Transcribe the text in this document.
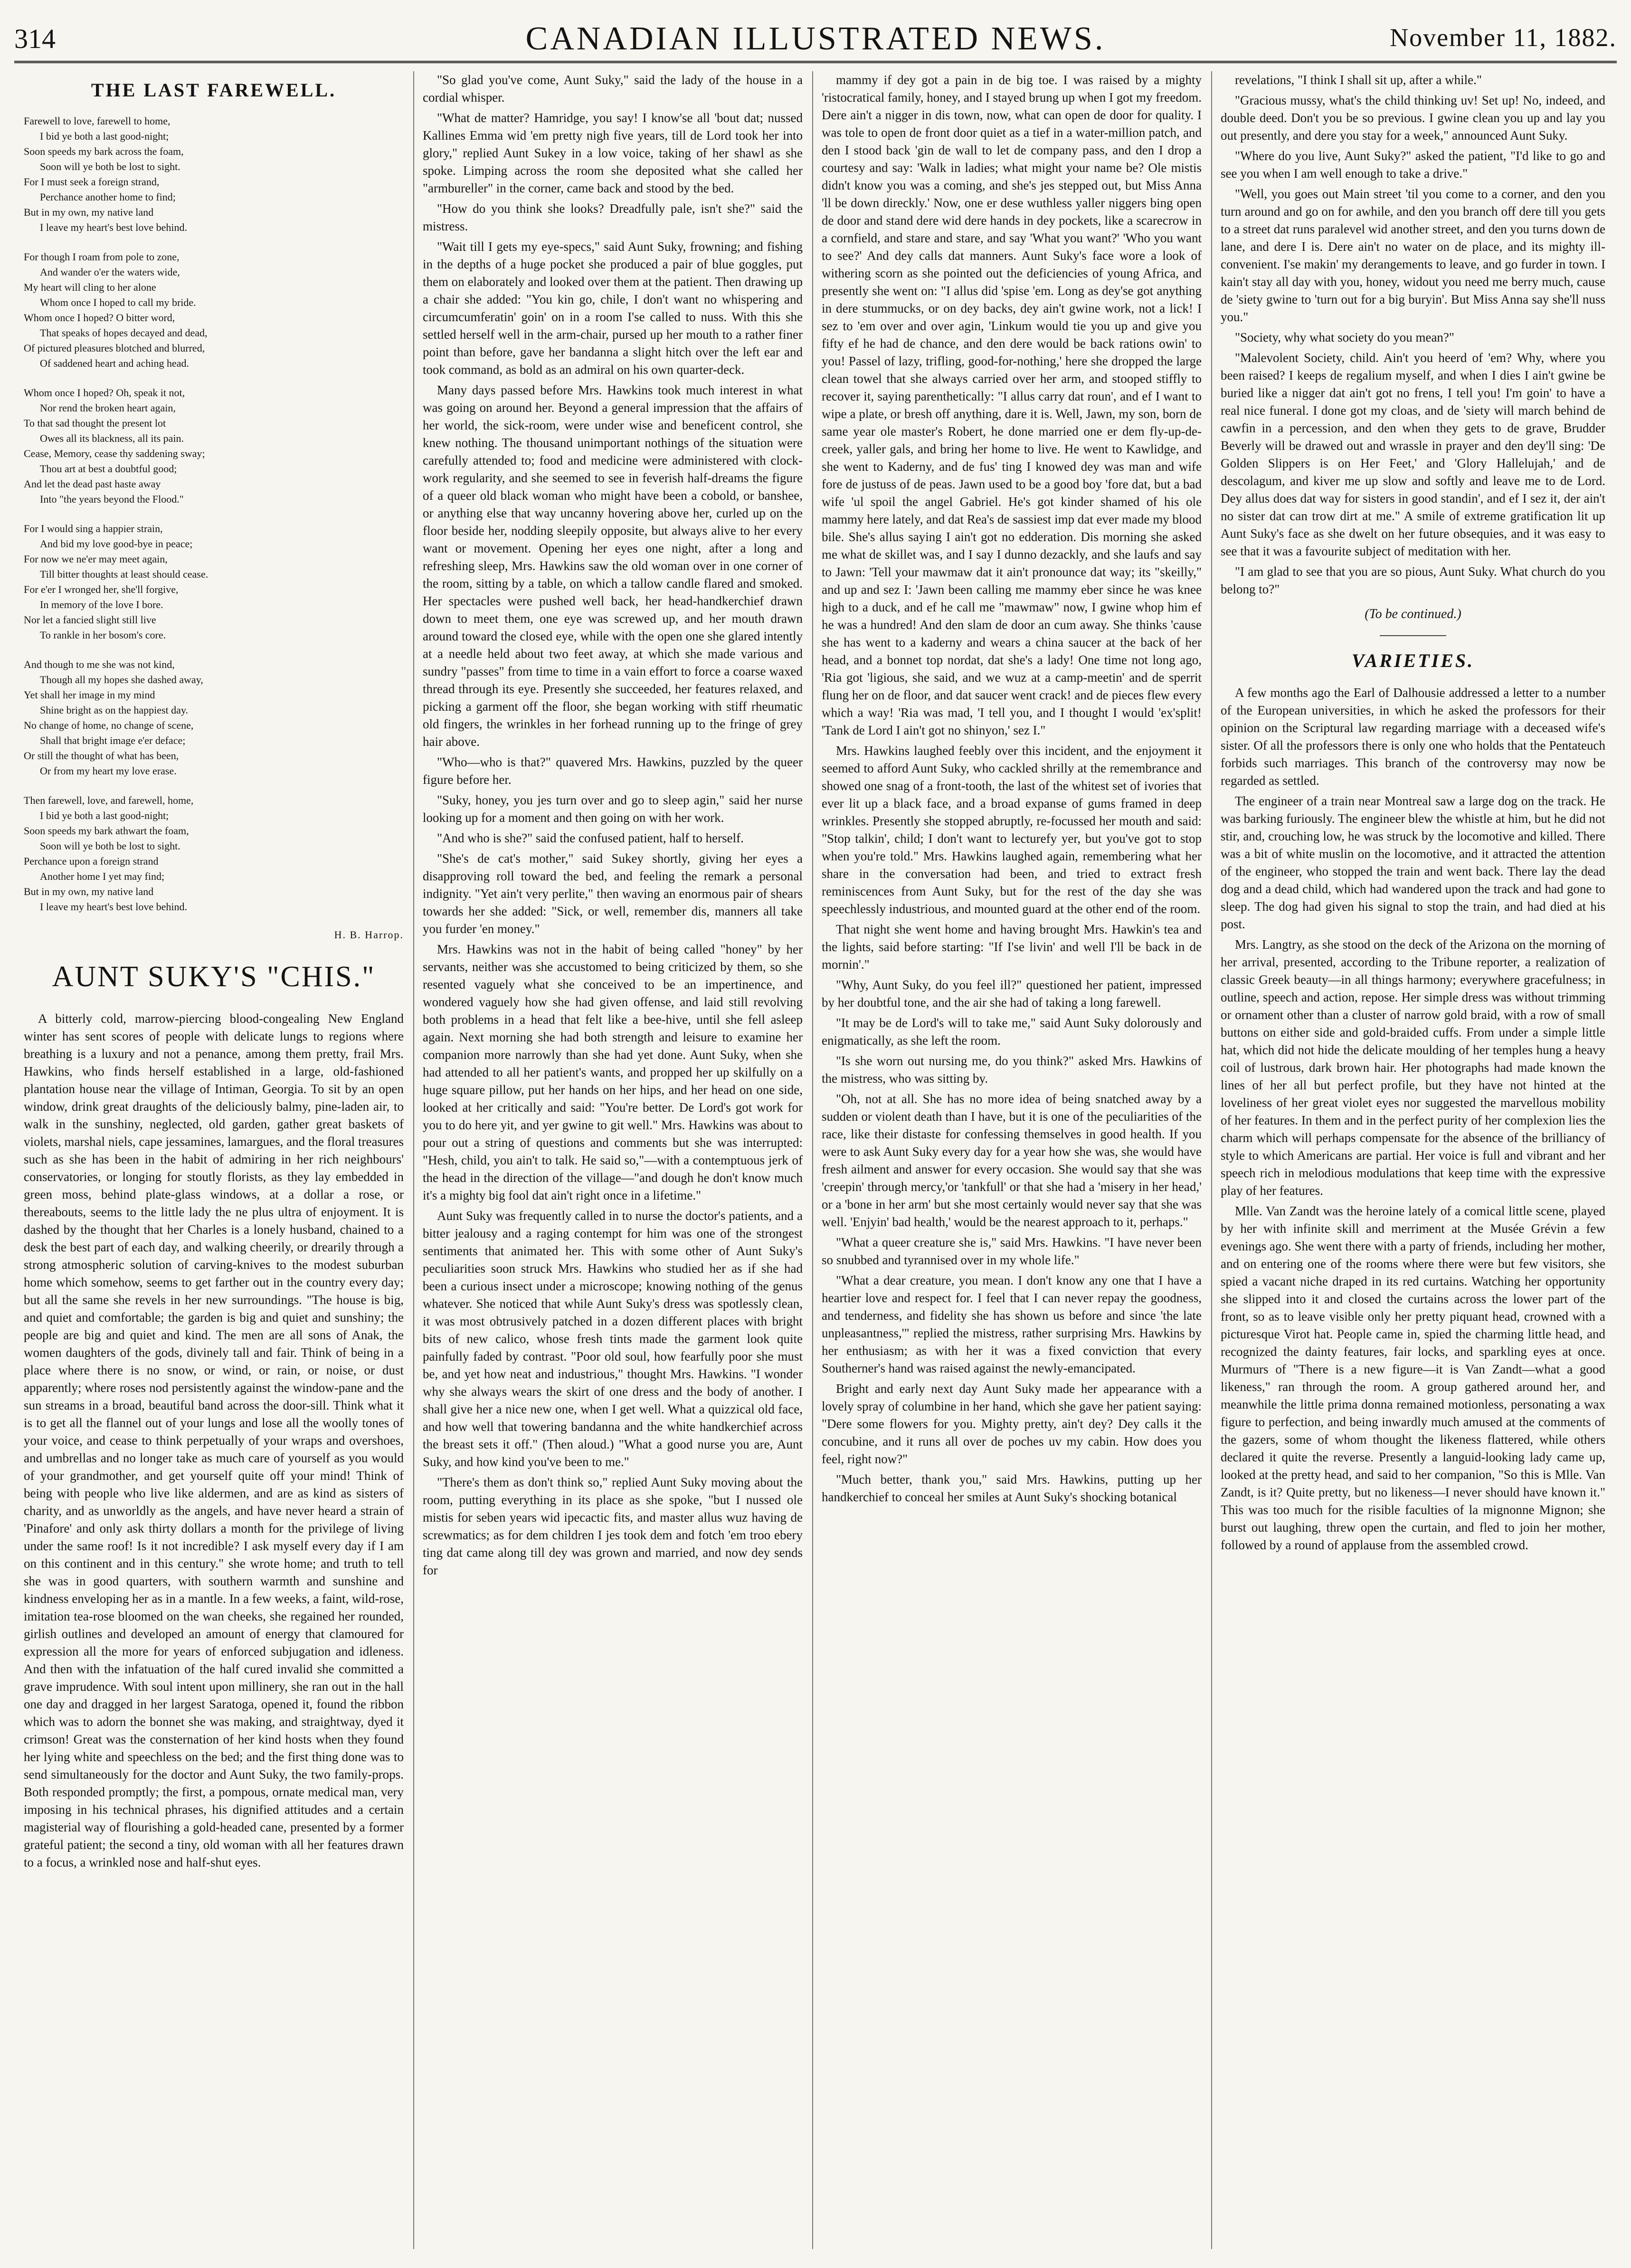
314	CANADIAN ILLUSTRATED NEWS.	November 11, 1882.
THE LAST FAREWELL.
Farewell to love, farewell to home,
I bid ye both a last good-night;
Soon speeds my bark across the foam,
Soon will ye both be lost to sight.
For I must seek a foreign strand,
Perchance another home to find;
But in my own, my native land
I leave my heart's best love behind.
For though I roam from pole to zone,
And wander o'er the waters wide,
My heart will cling to her alone
Whom once I hoped to call my bride.
Whom once I hoped? O bitter word,
That speaks of hopes decayed and dead,
Of pictured pleasures blotched and blurred,
Of saddened heart and aching head.
Whom once I hoped? Oh, speak it not,
Nor rend the broken heart again,
To that sad thought the present lot
Owes all its blackness, all its pain.
Cease, Memory, cease thy saddening sway;
Thou art at best a doubtful good;
And let the dead past haste away
Into "the years beyond the Flood."
For I would sing a happier strain,
And bid my love good-bye in peace;
For now we ne'er may meet again,
Till bitter thoughts at least should cease.
For e'er I wronged her, she'll forgive,
In memory of the love I bore.
Nor let a fancied slight still live
To rankle in her bosom's core.
And though to me she was not kind,
Though all my hopes she dashed away,
Yet shall her image in my mind
Shine bright as on the happiest day.
No change of home, no change of scene,
Shall that bright image e'er deface;
Or still the thought of what has been,
Or from my heart my love erase.
Then farewell, love, and farewell, home,
I bid ye both a last good-night;
Soon speeds my bark athwart the foam,
Soon will ye both be lost to sight.
Perchance upon a foreign strand
Another home I yet may find;
But in my own, my native land
I leave my heart's best love behind.
H. B. Harrop.
AUNT SUKY'S "CHIS."

A bitterly cold, marrow-piercing blood-congealing New England winter has sent scores of people with delicate lungs to regions where breathing is a luxury and not a penance, among them pretty, frail Mrs. Hawkins, who finds herself established in a large, old-fashioned plantation house near the village of Intiman, Georgia. To sit by an open window, drink great draughts of the deliciously balmy, pine-laden air, to walk in the sunshiny, neglected, old garden, gather great baskets of violets, marshal niels, cape jessamines, lamargues, and the floral treasures such as she has been in the habit of admiring in her rich neighbours' conservatories, or longing for stoutly florists, as they lay embedded in green moss, behind plate-glass windows, at a dollar a rose, or thereabouts, seems to the little lady the ne plus ultra of enjoyment. It is dashed by the thought that her Charles is a lonely husband, chained to a desk the best part of each day, and walking cheerily, or drearily through a strong atmospheric solution of carving-knives to the modest suburban home which somehow, seems to get farther out in the country every day; but all the same she revels in her new surroundings. "The house is big, and quiet and comfortable; the garden is big and quiet and sunshiny; the people are big and quiet and kind. The men are all sons of Anak, the women daughters of the gods, divinely tall and fair. Think of being in a place where there is no snow, or wind, or rain, or noise, or dust apparently; where roses nod persistently against the window-pane and the sun streams in a broad, beautiful band across the door-sill. Think what it is to get all the flannel out of your lungs and lose all the woolly tones of your voice, and cease to think perpetually of your wraps and overshoes, and umbrellas and no longer take as much care of yourself as you would of your grandmother, and get yourself quite off your mind! Think of being with people who live like aldermen, and are as kind as sisters of charity, and as unworldly as the angels, and have never heard a strain of 'Pinafore' and only ask thirty dollars a month for the privilege of living under the same roof! Is it not incredible? I ask myself every day if I am on this continent and in this century." she wrote home; and truth to tell she was in good quarters, with southern warmth and sunshine and kindness enveloping her as in a mantle. In a few weeks, a faint, wild-rose, imitation tea-rose bloomed on the wan cheeks, she regained her rounded, girlish outlines and developed an amount of energy that clamoured for expression all the more for years of enforced subjugation and idleness. And then with the infatuation of the half cured invalid she committed a grave imprudence. With soul intent upon millinery, she ran out in the hall one day and dragged in her largest Saratoga, opened it, found the ribbon which was to adorn the bonnet she was making, and straightway, dyed it crimson! Great was the consternation of her kind hosts when they found her lying white and speechless on the bed; and the first thing done was to send simultaneously for the doctor and Aunt Suky, the two family-props. Both responded promptly; the first, a pompous, ornate medical man, very imposing in his technical phrases, his dignified attitudes and a certain magisterial way of flourishing a gold-headed cane, presented by a former grateful patient; the second a tiny, old woman with all her features drawn to a focus, a wrinkled nose and half-shut eyes.

"So glad you've come, Aunt Suky," said the lady of the house in a cordial whisper.

"What de matter? Hamridge, you say! I know'se all 'bout dat; nussed Kallines Emma wid 'em pretty nigh five years, till de Lord took her into glory," replied Aunt Sukey in a low voice, taking of her shawl as she spoke. Limping across the room she deposited what she called her "armbureller" in the corner, came back and stood by the bed.

"How do you think she looks? Dreadfully pale, isn't she?" said the mistress.

"Wait till I gets my eye-specs," said Aunt Suky, frowning; and fishing in the depths of a huge pocket she produced a pair of blue goggles, put them on elaborately and looked over them at the patient. Then drawing up a chair she added: "You kin go, chile, I don't want no whispering and circumcumferatin' goin' on in a room I'se called to nuss. With this she settled herself well in the arm-chair, pursed up her mouth to a rather finer point than before, gave her bandanna a slight hitch over the left ear and took command, as bold as an admiral on his own quarter-deck.

Many days passed before Mrs. Hawkins took much interest in what was going on around her. Beyond a general impression that the affairs of her world, the sick-room, were under wise and beneficent control, she knew nothing. The thousand unimportant nothings of the situation were carefully attended to; food and medicine were administered with clock-work regularity, and she seemed to see in feverish half-dreams the figure of a queer old black woman who might have been a cobold, or banshee, or anything else that way uncanny hovering above her, curled up on the floor beside her, nodding sleepily opposite, but always alive to her every want or movement. Opening her eyes one night, after a long and refreshing sleep, Mrs. Hawkins saw the old woman over in one corner of the room, sitting by a table, on which a tallow candle flared and smoked. Her spectacles were pushed well back, her head-handkerchief drawn down to meet them, one eye was screwed up, and her mouth drawn around toward the closed eye, while with the open one she glared intently at a needle held about two feet away, at which she made various and sundry "passes" from time to time in a vain effort to force a coarse waxed thread through its eye. Presently she succeeded, her features relaxed, and picking a garment off the floor, she began working with stiff rheumatic old fingers, the wrinkles in her forhead running up to the fringe of grey hair above.

"Who—who is that?" quavered Mrs. Hawkins, puzzled by the queer figure before her.

"Suky, honey, you jes turn over and go to sleep agin," said her nurse looking up for a moment and then going on with her work.

"And who is she?" said the confused patient, half to herself.

"She's de cat's mother," said Sukey shortly, giving her eyes a disapproving roll toward the bed, and feeling the remark a personal indignity. "Yet ain't very perlite," then waving an enormous pair of shears towards her she added: "Sick, or well, remember dis, manners all take you furder 'en money."

Mrs. Hawkins was not in the habit of being called "honey" by her servants, neither was she accustomed to being criticized by them, so she resented vaguely what she conceived to be an impertinence, and wondered vaguely how she had given offense, and laid still revolving both problems in a head that felt like a bee-hive, until she fell asleep again. Next morning she had both strength and leisure to examine her companion more narrowly than she had yet done. Aunt Suky, when she had attended to all her patient's wants, and propped her up skilfully on a huge square pillow, put her hands on her hips, and her head on one side, looked at her critically and said: "You're better. De Lord's got work for you to do here yit, and yer gwine to git well." Mrs. Hawkins was about to pour out a string of questions and comments but she was interrupted: "Hesh, child, you ain't to talk. He said so,"—with a contemptuous jerk of the head in the direction of the village—"and dough he don't know much it's a mighty big fool dat ain't right once in a lifetime."

Aunt Suky was frequently called in to nurse the doctor's patients, and a bitter jealousy and a raging contempt for him was one of the strongest sentiments that animated her. This with some other of Aunt Suky's peculiarities soon struck Mrs. Hawkins who studied her as if she had been a curious insect under a microscope; knowing nothing of the genus whatever. She noticed that while Aunt Suky's dress was spotlessly clean, it was most obtrusively patched in a dozen different places with bright bits of new calico, whose fresh tints made the garment look quite painfully faded by contrast. "Poor old soul, how fearfully poor she must be, and yet how neat and industrious," thought Mrs. Hawkins. "I wonder why she always wears the skirt of one dress and the body of another. I shall give her a nice new one, when I get well. What a quizzical old face, and how well that towering bandanna and the white handkerchief across the breast sets it off." (Then aloud.) "What a good nurse you are, Aunt Suky, and how kind you've been to me."

"There's them as don't think so," replied Aunt Suky moving about the room, putting everything in its place as she spoke, "but I nussed ole mistis for seben years wid ipecactic fits, and master allus wuz having de screwmatics; as for dem children I jes took dem and fotch 'em troo ebery ting dat came along till dey was grown and married, and now dey sends for

mammy if dey got a pain in de big toe. I was raised by a mighty 'ristocratical family, honey, and I stayed brung up when I got my freedom. Dere ain't a nigger in dis town, now, what can open de door for quality. I was tole to open de front door quiet as a tief in a water-million patch, and den I stood back 'gin de wall to let de company pass, and den I drop a courtesy and say: 'Walk in ladies; what might your name be? Ole mistis didn't know you was a coming, and she's jes stepped out, but Miss Anna 'll be down direckly.' Now, one er dese wuthless yaller niggers bing open de door and stand dere wid dere hands in dey pockets, like a scarecrow in a cornfield, and stare and stare, and say 'What you want?' 'Who you want to see?' And dey calls dat manners. Aunt Suky's face wore a look of withering scorn as she pointed out the deficiencies of young Africa, and presently she went on: "I allus did 'spise 'em. Long as dey'se got anything in dere stummucks, or on dey backs, dey ain't gwine work, not a lick! I sez to 'em over and over agin, 'Linkum would tie you up and give you fifty ef he had de chance, and den dere would be back rations owin' to you! Passel of lazy, trifling, good-for-nothing,' here she dropped the large clean towel that she always carried over her arm, and stooped stiffly to recover it, saying parenthetically: "I allus carry dat roun', and ef I want to wipe a plate, or bresh off anything, dare it is. Well, Jawn, my son, born de same year ole master's Robert, he done married one er dem fly-up-de-creek, yaller gals, and bring her home to live. He went to Kawlidge, and she went to Kaderny, and de fus' ting I knowed dey was man and wife fore de justuss of de peas. Jawn used to be a good boy 'fore dat, but a bad wife 'ul spoil the angel Gabriel. He's got kinder shamed of his ole mammy here lately, and dat Rea's de sassiest imp dat ever made my blood bile. She's allus saying I ain't got no edderation. Dis morning she asked me what de skillet was, and I say I dunno dezackly, and she laufs and say to Jawn: 'Tell your mawmaw dat it ain't pronounce dat way; its "skeilly," and up and sez I: 'Jawn been calling me mammy eber since he was knee high to a duck, and ef he call me "mawmaw" now, I gwine whop him ef he was a hundred! And den slam de door an cum away. She thinks 'cause she has went to a kaderny and wears a china saucer at the back of her head, and a bonnet top nordat, dat she's a lady! One time not long ago, 'Ria got 'ligious, she said, and we wuz at a camp-meetin' and de sperrit flung her on de floor, and dat saucer went crack! and de pieces flew every which a way! 'Ria was mad, 'I tell you, and I thought I would 'ex'split! 'Tank de Lord I ain't got no shinyon,' sez I."

Mrs. Hawkins laughed feebly over this incident, and the enjoyment it seemed to afford Aunt Suky, who cackled shrilly at the remembrance and showed one snag of a front-tooth, the last of the whitest set of ivories that ever lit up a black face, and a broad expanse of gums framed in deep wrinkles. Presently she stopped abruptly, re-focussed her mouth and said: "Stop talkin', child; I don't want to lecturefy yer, but you've got to stop when you're told." Mrs. Hawkins laughed again, remembering what her share in the conversation had been, and tried to extract fresh reminiscences from Aunt Suky, but for the rest of the day she was speechlessly industrious, and mounted guard at the other end of the room.

That night she went home and having brought Mrs. Hawkin's tea and the lights, said before starting: "If I'se livin' and well I'll be back in de mornin'."

"Why, Aunt Suky, do you feel ill?" questioned her patient, impressed by her doubtful tone, and the air she had of taking a long farewell.

"It may be de Lord's will to take me," said Aunt Suky dolorously and enigmatically, as she left the room.

"Is she worn out nursing me, do you think?" asked Mrs. Hawkins of the mistress, who was sitting by.

"Oh, not at all. She has no more idea of being snatched away by a sudden or violent death than I have, but it is one of the peculiarities of the race, like their distaste for confessing themselves in good health. If you were to ask Aunt Suky every day for a year how she was, she would have fresh ailment and answer for every occasion. She would say that she was 'creepin' through mercy,'or 'tankfull' or that she had a 'misery in her head,' or a 'bone in her arm' but she most certainly would never say that she was well. 'Enjyin' bad health,' would be the nearest approach to it, perhaps."

"What a queer creature she is," said Mrs. Hawkins. "I have never been so snubbed and tyrannised over in my whole life."

"What a dear creature, you mean. I don't know any one that I have a heartier love and respect for. I feel that I can never repay the goodness, and tenderness, and fidelity she has shown us before and since 'the late unpleasantness,'" replied the mistress, rather surprising Mrs. Hawkins by her enthusiasm; as with her it was a fixed conviction that every Southerner's hand was raised against the newly-emancipated.

Bright and early next day Aunt Suky made her appearance with a lovely spray of columbine in her hand, which she gave her patient saying: "Dere some flowers for you. Mighty pretty, ain't dey? Dey calls it the concubine, and it runs all over de poches uv my cabin. How does you feel, right now?"

"Much better, thank you," said Mrs. Hawkins, putting up her handkerchief to conceal her smiles at Aunt Suky's shocking botanical

revelations, "I think I shall sit up, after a while."

"Gracious mussy, what's the child thinking uv! Set up! No, indeed, and double deed. Don't you be so previous. I gwine clean you up and lay you out presently, and dere you stay for a week," announced Aunt Suky.

"Where do you live, Aunt Suky?" asked the patient, "I'd like to go and see you when I am well enough to take a drive."

"Well, you goes out Main street 'til you come to a corner, and den you turn around and go on for awhile, and den you branch off dere till you gets to a street dat runs paralevel wid another street, and den you turns down de lane, and dere I is. Dere ain't no water on de place, and its mighty ill-convenient. I'se makin' my derangements to leave, and go furder in town. I kain't stay all day with you, honey, widout you need me berry much, cause de 'siety gwine to 'turn out for a big buryin'. But Miss Anna say she'll nuss you."

"Society, why what society do you mean?"

"Malevolent Society, child. Ain't you heerd of 'em? Why, where you been raised? I keeps de regalium myself, and when I dies I ain't gwine be buried like a nigger dat ain't got no frens, I tell you! I'm goin' to have a real nice funeral. I done got my cloas, and de 'siety will march behind de cawfin in a percession, and den when they gets to de grave, Brudder Beverly will be drawed out and wrassle in prayer and den dey'll sing: 'De Golden Slippers is on Her Feet,' and 'Glory Hallelujah,' and de descolagum, and kiver me up slow and softly and leave me to de Lord. Dey allus does dat way for sisters in good standin', and ef I sez it, der ain't no sister dat can trow dirt at me." A smile of extreme gratification lit up Aunt Suky's face as she dwelt on her future obsequies, and it was easy to see that it was a favourite subject of meditation with her.

"I am glad to see that you are so pious, Aunt Suky. What church do you belong to?"

(To be continued.)
VARIETIES.

A few months ago the Earl of Dalhousie addressed a letter to a number of the European universities, in which he asked the professors for their opinion on the Scriptural law regarding marriage with a deceased wife's sister. Of all the professors there is only one who holds that the Pentateuch forbids such marriages. This branch of the controversy may now be regarded as settled.

The engineer of a train near Montreal saw a large dog on the track. He was barking furiously. The engineer blew the whistle at him, but he did not stir, and, crouching low, he was struck by the locomotive and killed. There was a bit of white muslin on the locomotive, and it attracted the attention of the engineer, who stopped the train and went back. There lay the dead dog and a dead child, which had wandered upon the track and had gone to sleep. The dog had given his signal to stop the train, and had died at his post.

Mrs. Langtry, as she stood on the deck of the Arizona on the morning of her arrival, presented, according to the Tribune reporter, a realization of classic Greek beauty—in all things harmony; everywhere gracefulness; in outline, speech and action, repose. Her simple dress was without trimming or ornament other than a cluster of narrow gold braid, with a row of small buttons on either side and gold-braided cuffs. From under a simple little hat, which did not hide the delicate moulding of her temples hung a heavy coil of lustrous, dark brown hair. Her photographs had made known the lines of her all but perfect profile, but they have not hinted at the loveliness of her great violet eyes nor suggested the marvellous mobility of her features. In them and in the perfect purity of her complexion lies the charm which will perhaps compensate for the absence of the brilliancy of style to which Americans are partial. Her voice is full and vibrant and her speech rich in melodious modulations that keep time with the expressive play of her features.

Mlle. Van Zandt was the heroine lately of a comical little scene, played by her with infinite skill and merriment at the Musée Grévin a few evenings ago. She went there with a party of friends, including her mother, and on entering one of the rooms where there were but few visitors, she spied a vacant niche draped in its red curtains. Watching her opportunity she slipped into it and closed the curtains across the lower part of the front, so as to leave visible only her pretty piquant head, crowned with a picturesque Virot hat. People came in, spied the charming little head, and recognized the dainty features, fair locks, and sparkling eyes at once. Murmurs of "There is a new figure—it is Van Zandt—what a good likeness," ran through the room. A group gathered around her, and meanwhile the little prima donna remained motionless, personating a wax figure to perfection, and being inwardly much amused at the comments of the gazers, some of whom thought the likeness flattered, while others declared it quite the reverse. Presently a languid-looking lady came up, looked at the pretty head, and said to her companion, "So this is Mlle. Van Zandt, is it? Quite pretty, but no likeness—I never should have known it." This was too much for the risible faculties of la mignonne Mignon; she burst out laughing, threw open the curtain, and fled to join her mother, followed by a round of applause from the assembled crowd.
